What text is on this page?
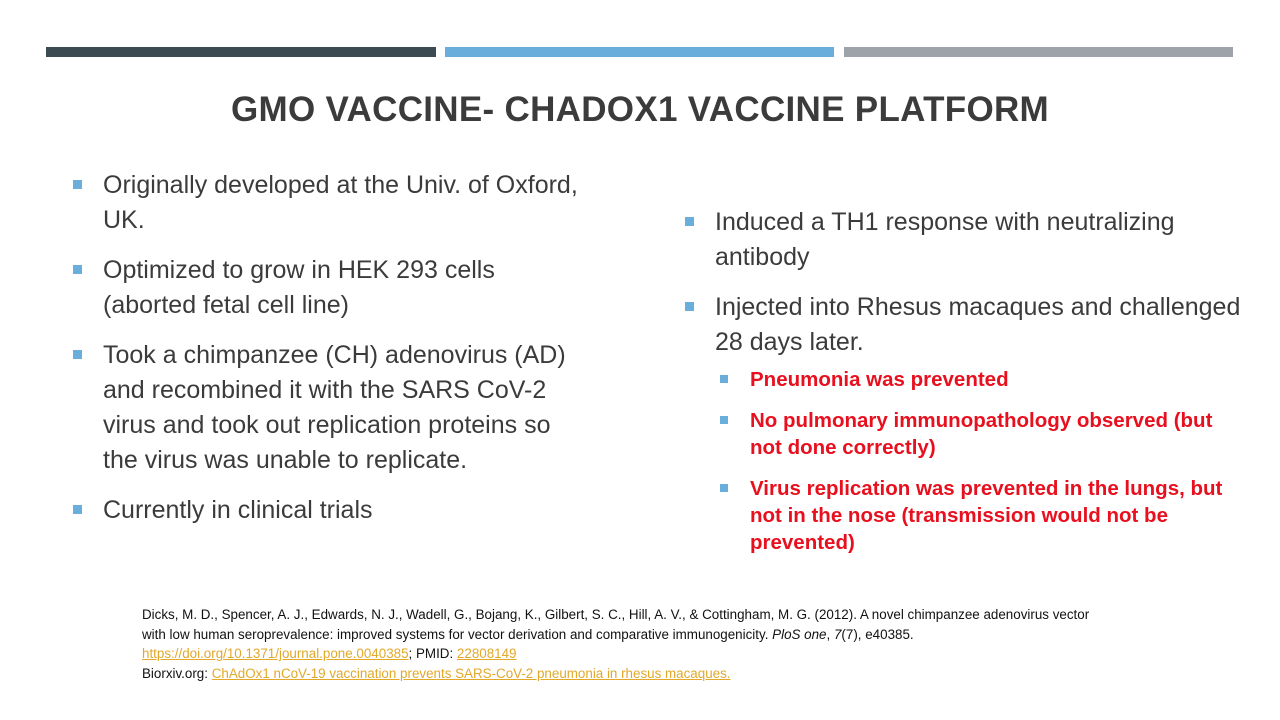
GMO VACCINE- CHADOX1 VACCINE PLATFORM
Originally developed at the Univ. of Oxford, UK.
Optimized to grow in HEK 293 cells (aborted fetal cell line)
Took a chimpanzee (CH) adenovirus (AD) and recombined it with the SARS CoV-2 virus and took out replication proteins so the virus was unable to replicate.
Currently in clinical trials
Induced a TH1 response with neutralizing antibody
Injected into Rhesus macaques and challenged 28 days later.
Pneumonia was prevented
No pulmonary immunopathology observed (but not done correctly)
Virus replication was prevented in the lungs, but not in the nose (transmission would not be prevented)
Dicks, M. D., Spencer, A. J., Edwards, N. J., Wadell, G., Bojang, K., Gilbert, S. C., Hill, A. V., & Cottingham, M. G. (2012). A novel chimpanzee adenovirus vector with low human seroprevalence: improved systems for vector derivation and comparative immunogenicity. PloS one, 7(7), e40385. https://doi.org/10.1371/journal.pone.0040385; PMID: 22808149
Biorxiv.org: ChAdOx1 nCoV-19 vaccination prevents SARS-CoV-2 pneumonia in rhesus macaques.
